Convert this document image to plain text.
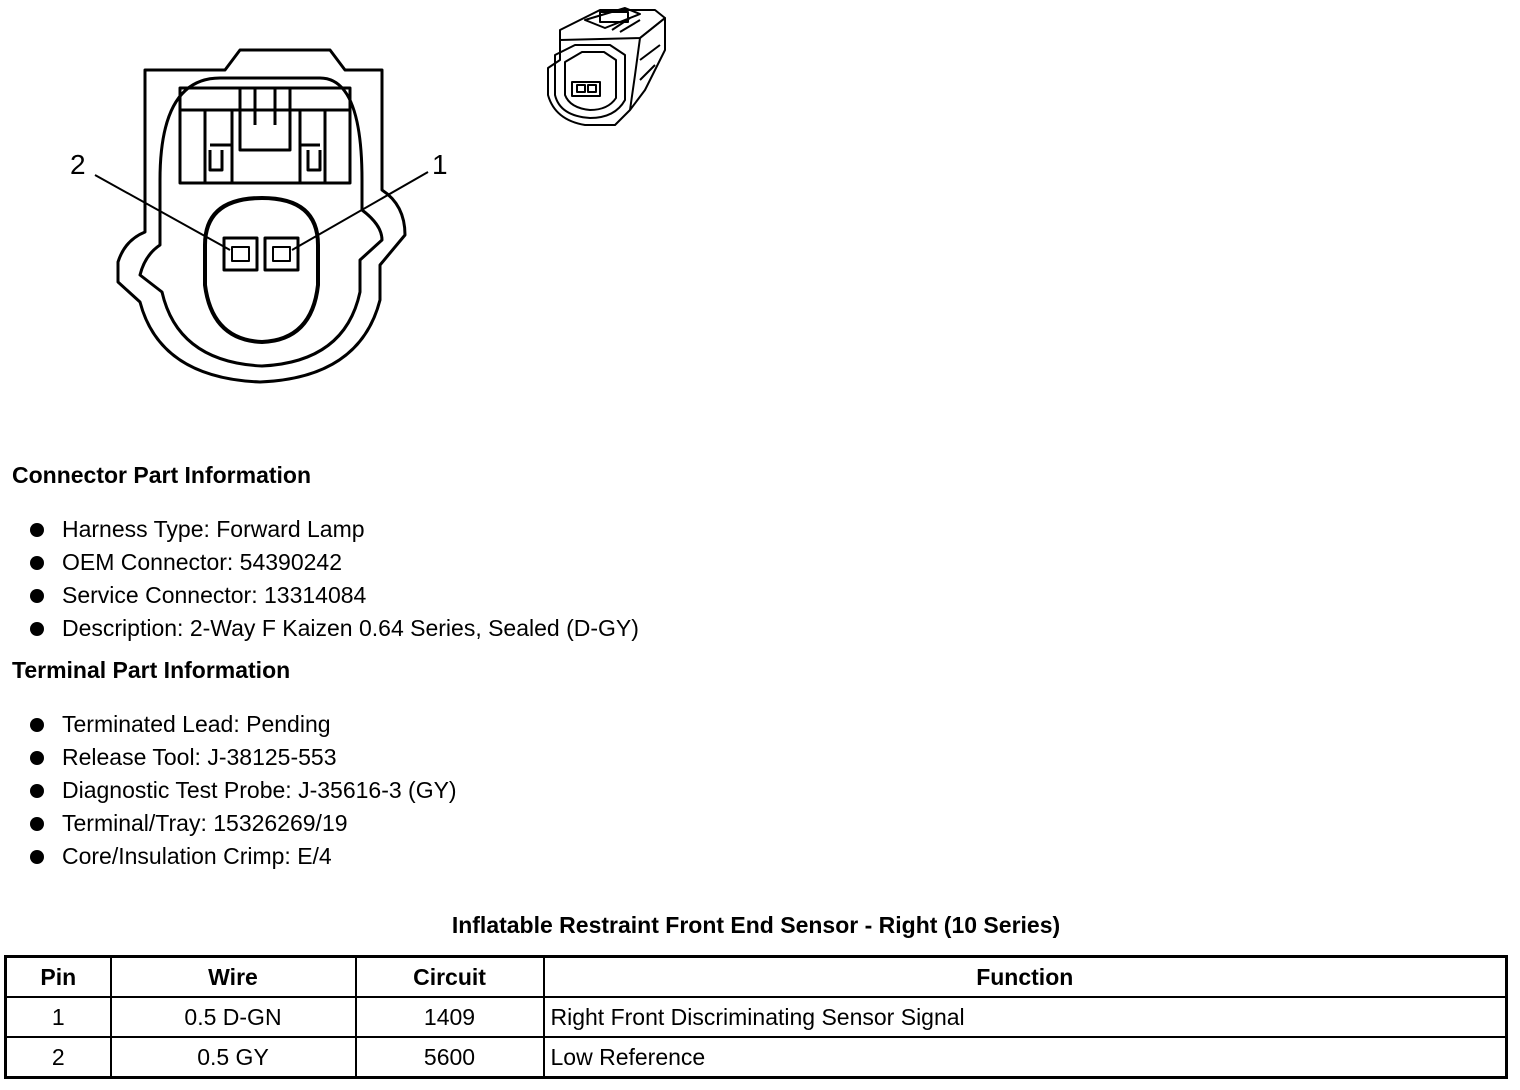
2	1
Connector Part Information
Harness Type: Forward Lamp
OEM Connector: 54390242
Service Connector: 13314084
Description: 2-Way F Kaizen 0.64 Series, Sealed (D-GY)
Terminal Part Information
Terminated Lead: Pending
Release Tool: J-38125-553
Diagnostic Test Probe: J-35616-3 (GY)
Terminal/Tray: 15326269/19
Core/Insulation Crimp: E/4
Inflatable Restraint Front End Sensor - Right (10 Series)
Pin	Wire	Circuit	Function
1	0.5 D-GN	1409	Right Front Discriminating Sensor Signal
2	0.5 GY	5600	Low Reference
